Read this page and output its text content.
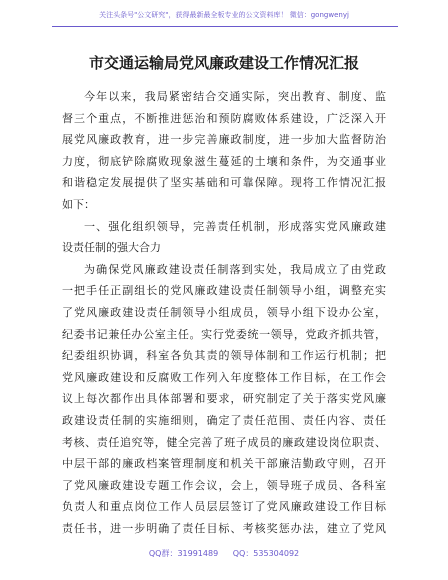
关注头条号"公文研究"，获得最新最全板专业的公文资料库！ 微信：gongwenyj
市交通运输局党风廉政建设工作情况汇报
今年以来，我局紧密结合交通实际，突出教育、制度、监
督三个重点，不断推进惩治和预防腐败体系建设，广泛深入开
展党风廉政教育，进一步完善廉政制度，进一步加大监督防治
力度，彻底铲除腐败现象滋生蔓延的土壤和条件，为交通事业
和谐稳定发展提供了坚实基础和可靠保障。现将工作情况汇报
如下：
一、强化组织领导，完善责任机制，形成落实党风廉政建
设责任制的强大合力
为确保党风廉政建设责任制落到实处，我局成立了由党政
一把手任正副组长的党风廉政建设责任制领导小组，调整充实
了党风廉政建设责任制领导小组成员，领导小组下设办公室，
纪委书记兼任办公室主任。实行党委统一领导，党政齐抓共管，
纪委组织协调，科室各负其责的领导体制和工作运行机制；把
党风廉政建设和反腐败工作列入年度整体工作目标，在工作会
议上每次都作出具体部署和要求，研究制定了关于落实党风廉
政建设责任制的实施细则，确定了责任范围、责任内容、责任
考核、责任追究等，健全完善了班子成员的廉政建设岗位职责、
中层干部的廉政档案管理制度和机关干部廉洁勤政守则，召开
了党风廉政建设专题工作会议，会上，领导班子成员、各科室
负责人和重点岗位工作人员层层签订了党风廉政建设工作目标
责任书，进一步明确了责任目标、考核奖惩办法，建立了党风
QQ群：31991489 QQ：535304092
